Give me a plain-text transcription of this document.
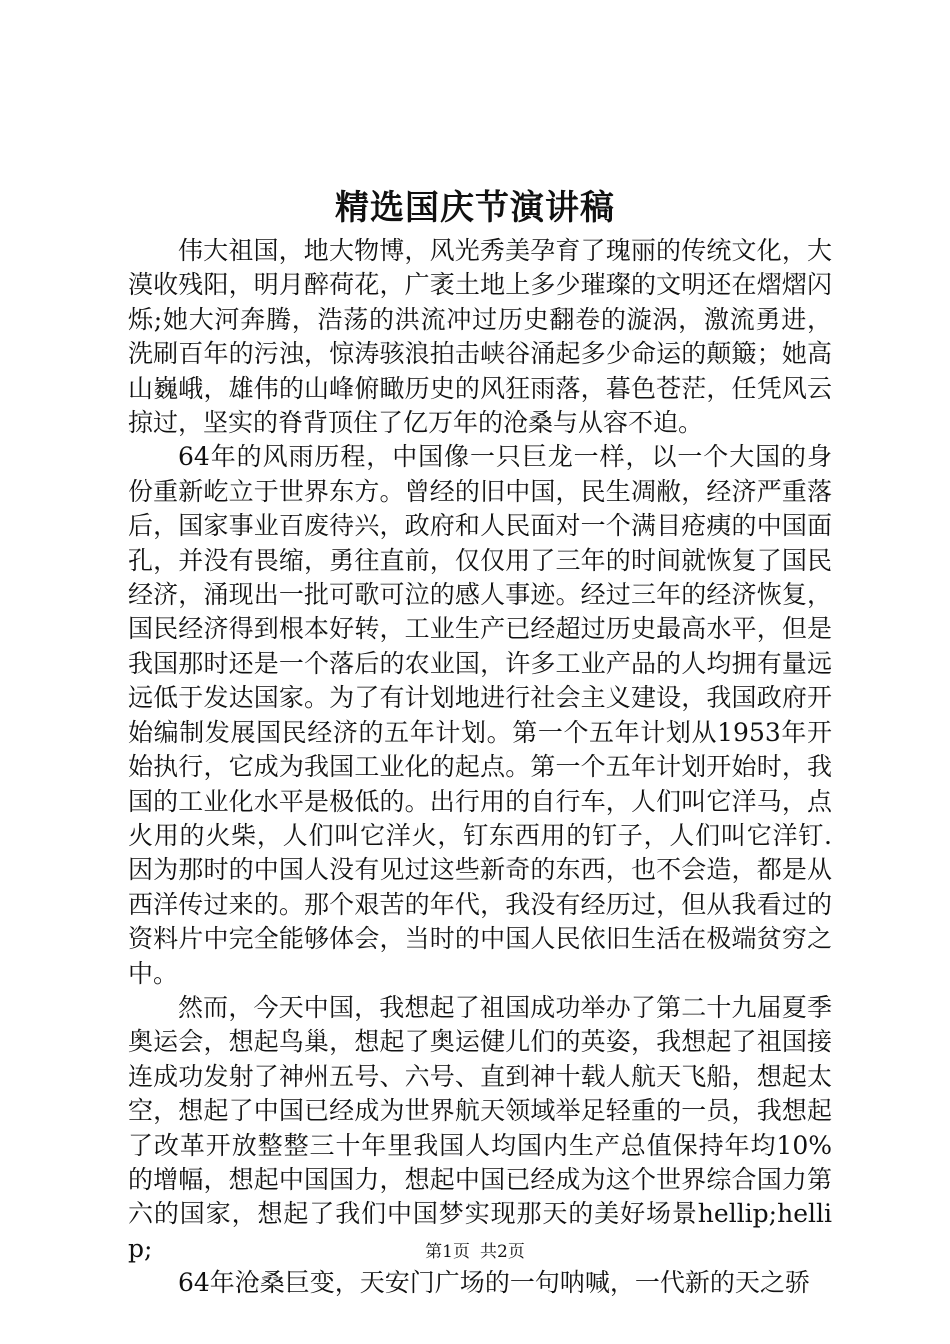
精选国庆节演讲稿

伟大祖国，地大物博，风光秀美孕育了瑰丽的传统文化，大漠收残阳，明月醉荷花，广袤土地上多少璀璨的文明还在熠熠闪烁;她大河奔腾，浩荡的洪流冲过历史翻卷的漩涡，激流勇进，洗刷百年的污浊，惊涛骇浪拍击峡谷涌起多少命运的颠簸；她高山巍峨，雄伟的山峰俯瞰历史的风狂雨落，暮色苍茫，任凭风云掠过，坚实的脊背顶住了亿万年的沧桑与从容不迫。

64年的风雨历程，中国像一只巨龙一样，以一个大国的身份重新屹立于世界东方。曾经的旧中国，民生凋敝，经济严重落后，国家事业百废待兴，政府和人民面对一个满目疮痍的中国面孔，并没有畏缩，勇往直前，仅仅用了三年的时间就恢复了国民经济，涌现出一批可歌可泣的感人事迹。经过三年的经济恢复，国民经济得到根本好转，工业生产已经超过历史最高水平，但是我国那时还是一个落后的农业国，许多工业产品的人均拥有量远远低于发达国家。为了有计划地进行社会主义建设，我国政府开始编制发展国民经济的五年计划。第一个五年计划从1953年开始执行，它成为我国工业化的起点。第一个五年计划开始时，我国的工业化水平是极低的。出行用的自行车，人们叫它洋马，点火用的火柴，人们叫它洋火，钉东西用的钉子，人们叫它洋钉.因为那时的中国人没有见过这些新奇的东西，也不会造，都是从西洋传过来的。那个艰苦的年代，我没有经历过，但从我看过的资料片中完全能够体会，当时的中国人民依旧生活在极端贫穷之中。

然而，今天中国，我想起了祖国成功举办了第二十九届夏季奥运会，想起鸟巢，想起了奥运健儿们的英姿，我想起了祖国接连成功发射了神州五号、六号、直到神十载人航天飞船，想起太空，想起了中国已经成为世界航天领域举足轻重的一员，我想起了改革开放整整三十年里我国人均国内生产总值保持年均10%的增幅，想起中国国力，想起中国已经成为这个世界综合国力第六的国家，想起了我们中国梦实现那天的美好场景hellip;hellip;

64年沧桑巨变，天安门广场的一句呐喊，一代新的天之骄

第1页 共2页
